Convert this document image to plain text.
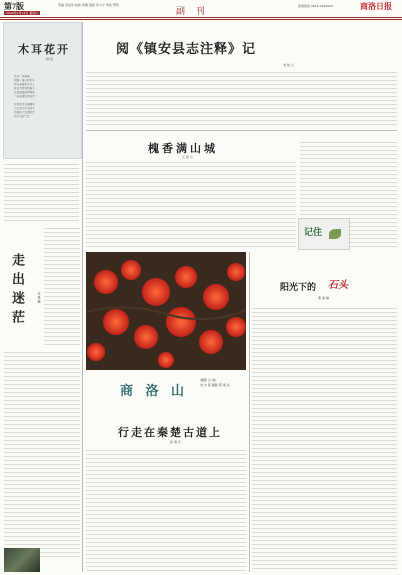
第7版	责编 李延华 校验 刘刚 组版 李小宁 审读 罗阳
2020年3月14日 星期六	副 刊
新闻热线 0914-2322003	商洛日报
木耳花开
韩 昌
北风一场春雨
吹醒了南山的木耳
把耳朵贴在木头上
听远方传来的春天
在那温柔的呼唤里
一朵朵黑色的花开了
村庄在木耳里醒来
它们张开小小的手
去接住天空的阳光
和大山的气息
走出迷茫	张 晨 曦
阅《镇安县志注释》记
刘 柏 兰
槐香满山城
王 蕊 兰
记住
商 洛 山
(摄影 白 鸽)
刘 志 超 摄影 郭 康 远
阳光下的 石头
曹 丽 琳
行走在秦楚古道上
孙 春 芳
